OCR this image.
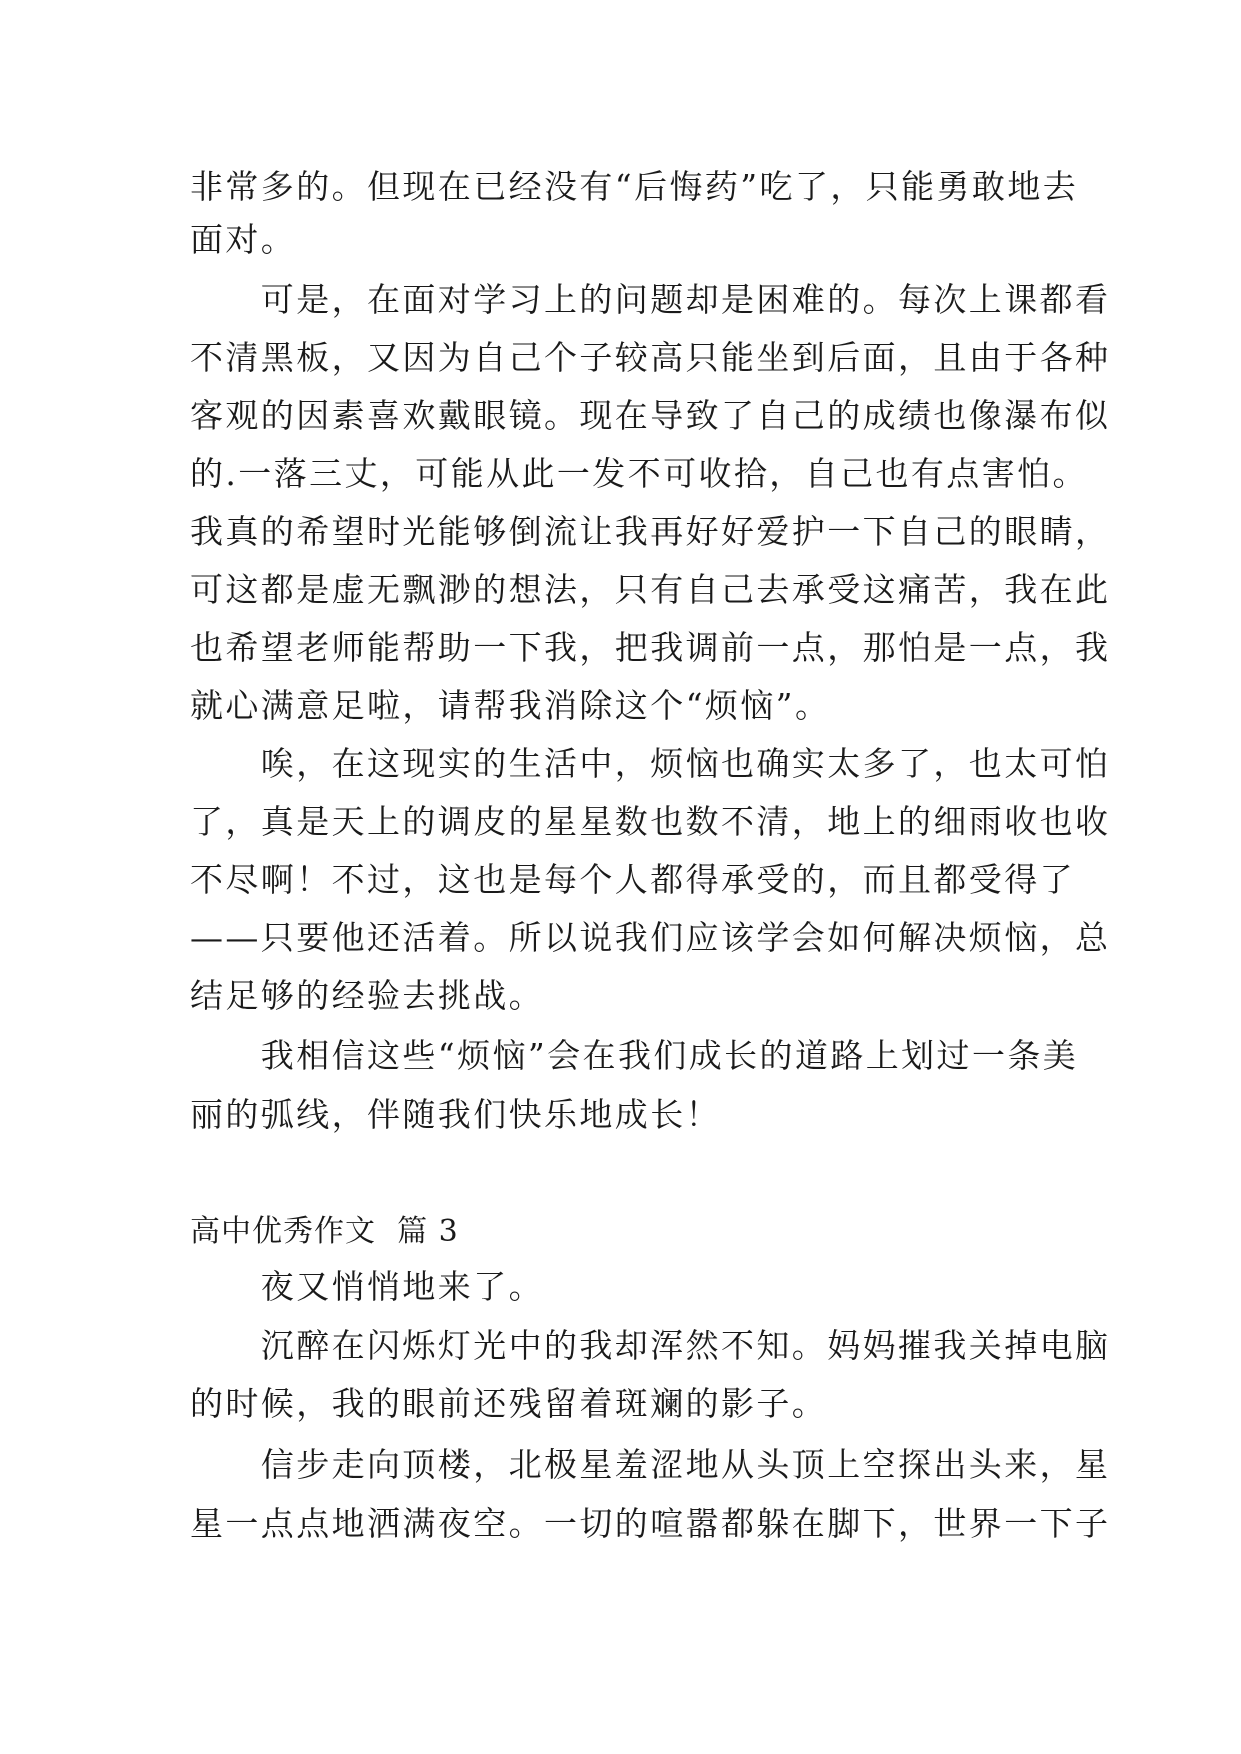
非常多的。但现在已经没有“后悔药”吃了，只能勇敢地去
面对。
　　可是，在面对学习上的问题却是困难的。每次上课都看
不清黑板，又因为自己个子较高只能坐到后面，且由于各种
客观的因素喜欢戴眼镜。现在导致了自己的成绩也像瀑布似
的.一落三丈，可能从此一发不可收拾，自己也有点害怕。
我真的希望时光能够倒流让我再好好爱护一下自己的眼睛，
可这都是虚无飘渺的想法，只有自己去承受这痛苦，我在此
也希望老师能帮助一下我，把我调前一点，那怕是一点，我
就心满意足啦，请帮我消除这个“烦恼”。
　　唉，在这现实的生活中，烦恼也确实太多了，也太可怕
了，真是天上的调皮的星星数也数不清，地上的细雨收也收
不尽啊！不过，这也是每个人都得承受的，而且都受得了
——只要他还活着。所以说我们应该学会如何解决烦恼，总
结足够的经验去挑战。
　　我相信这些“烦恼”会在我们成长的道路上划过一条美
丽的弧线，伴随我们快乐地成长！
高中优秀作文  篇 3
　　夜又悄悄地来了。
　　沉醉在闪烁灯光中的我却浑然不知。妈妈摧我关掉电脑
的时候，我的眼前还残留着斑斓的影子。
　　信步走向顶楼，北极星羞涩地从头顶上空探出头来，星
星一点点地洒满夜空。一切的喧嚣都躲在脚下，世界一下子
